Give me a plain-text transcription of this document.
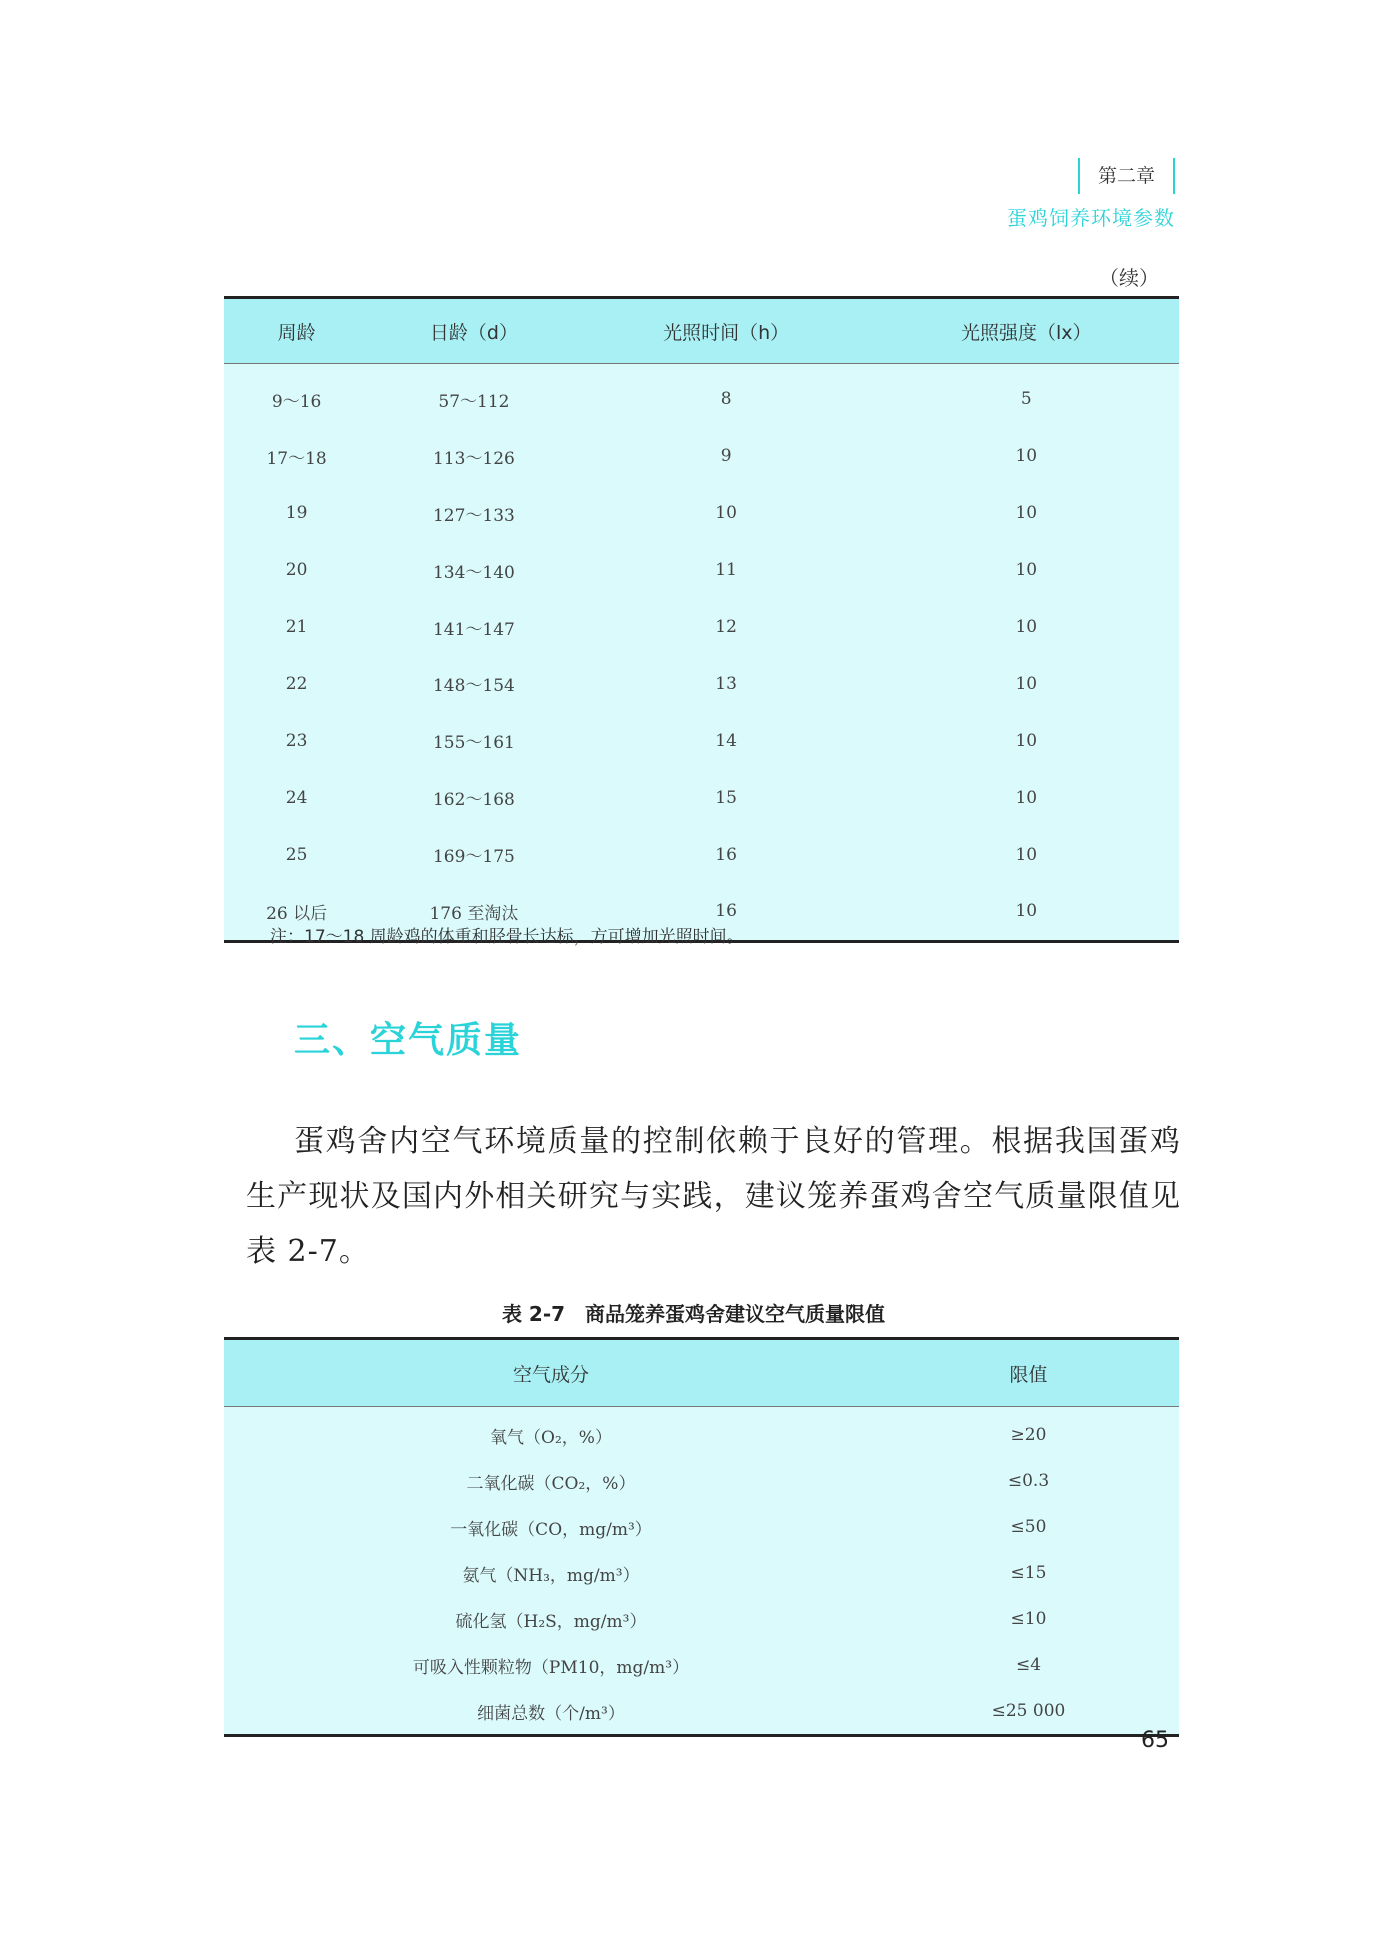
第二章
蛋鸡饲养环境参数
（续）
周龄	日龄（d）	光照时间（h）	光照强度（lx）
9～16	57～112	8	5
17～18	113～126	9	10
19	127～133	10	10
20	134～140	11	10
21	141～147	12	10
22	148～154	13	10
23	155～161	14	10
24	162～168	15	10
25	169～175	16	10
26 以后	176 至淘汰	16	10
注：17～18 周龄鸡的体重和胫骨长达标，方可增加光照时间。
三、空气质量
蛋鸡舍内空气环境质量的控制依赖于良好的管理。根据我国蛋鸡生产现状及国内外相关研究与实践，建议笼养蛋鸡舍空气质量限值见表 2-7。
表 2-7　商品笼养蛋鸡舍建议空气质量限值
空气成分	限值
氧气（O₂，%）	≥20
二氧化碳（CO₂，%）	≤0.3
一氧化碳（CO，mg/m³）	≤50
氨气（NH₃，mg/m³）	≤15
硫化氢（H₂S，mg/m³）	≤10
可吸入性颗粒物（PM10，mg/m³）	≤4
细菌总数（个/m³）	≤25 000
65
